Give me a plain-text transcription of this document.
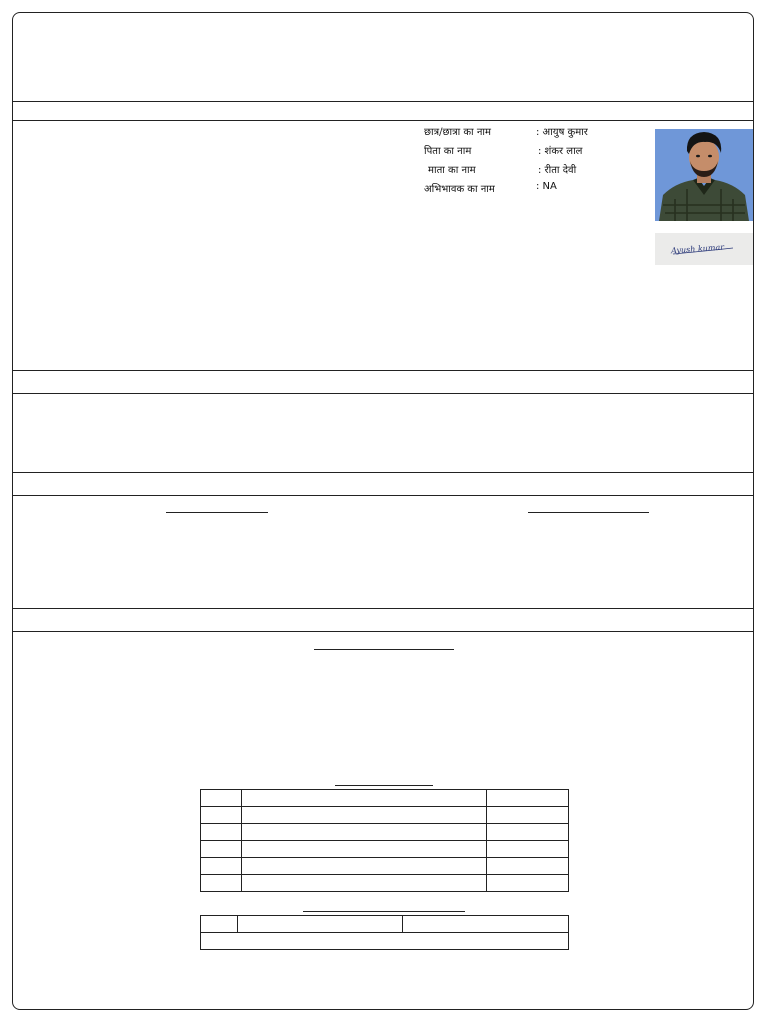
छात्र/छात्रा का नाम	: आयुष कुमार
पिता का नाम	: शंकर लाल
माता का नाम	: रीता देवी
अभिभावक का नाम	: NA
Ayush kumar
